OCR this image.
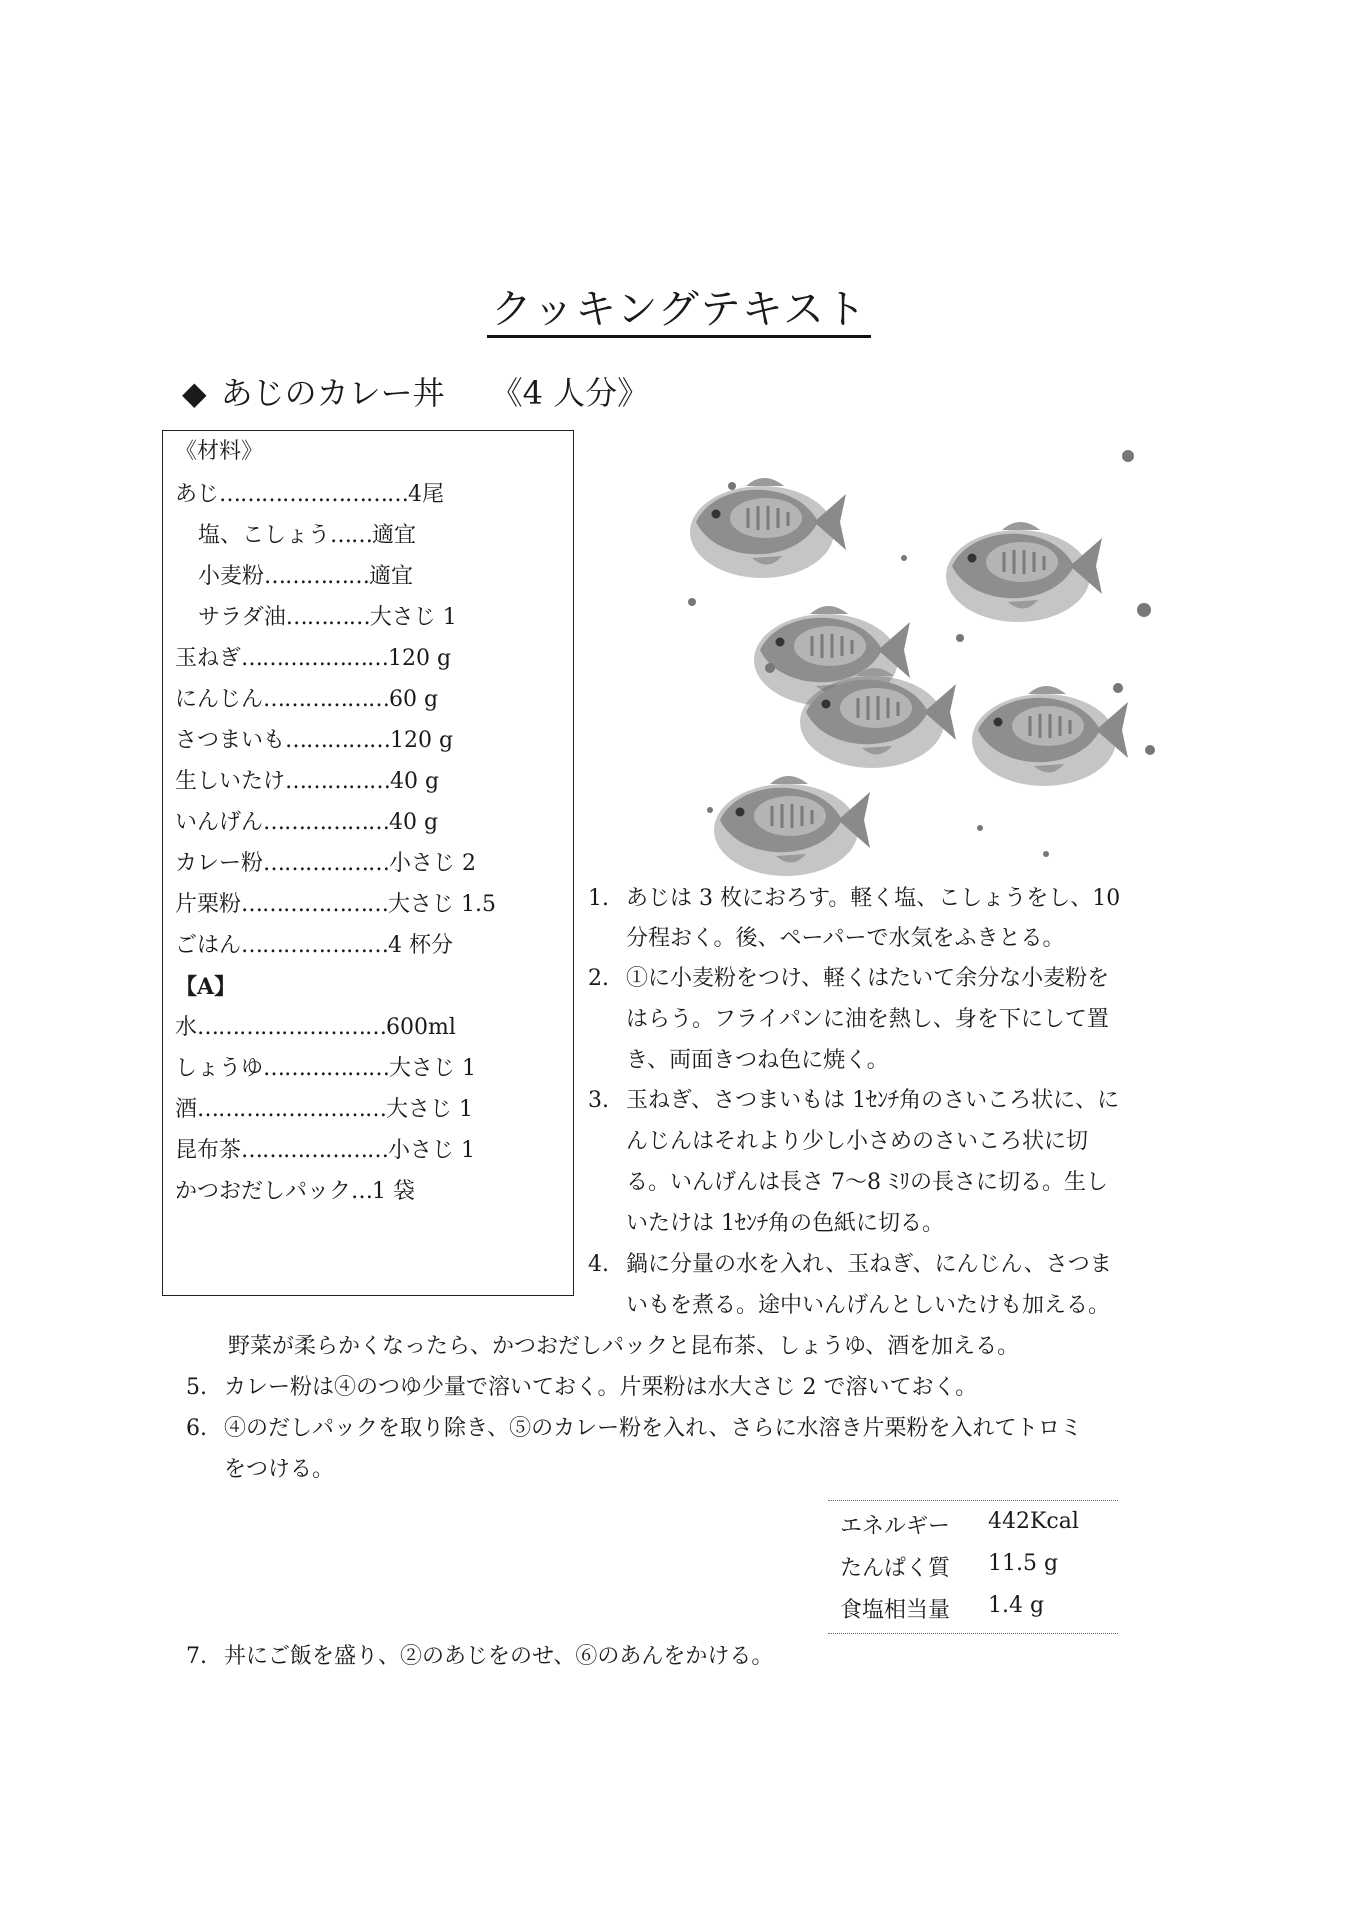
クッキングテキスト
◆ あじのカレー丼 《4 人分》
《材料》
あじ………………………4尾
塩、こしょう……適宜
小麦粉……………適宜
サラダ油…………大さじ 1
玉ねぎ…………………120 g
にんじん………………60 g
さつまいも……………120 g
生しいたけ……………40 g
いんげん………………40 g
カレー粉………………小さじ 2
片栗粉…………………大さじ 1.5
ごはん…………………4 杯分
【A】
水………………………600ml
しょうゆ………………大さじ 1
酒………………………大さじ 1
昆布茶…………………小さじ 1
かつおだしパック…1 袋
1. あじは 3 枚におろす。軽く塩、こしょうをし、10
分程おく。後、ペーパーで水気をふきとる。
2. ①に小麦粉をつけ、軽くはたいて余分な小麦粉を
はらう。フライパンに油を熱し、身を下にして置
き、両面きつね色に焼く。
3. 玉ねぎ、さつまいもは 1ｾﾝﾁ角のさいころ状に、に
んじんはそれより少し小さめのさいころ状に切
る。いんげんは長さ 7〜8 ﾐﾘの長さに切る。生し
いたけは 1ｾﾝﾁ角の色紙に切る。
4. 鍋に分量の水を入れ、玉ねぎ、にんじん、さつま
いもを煮る。途中いんげんとしいたけも加える。
野菜が柔らかくなったら、かつおだしパックと昆布茶、しょうゆ、酒を加える。
5. カレー粉は④のつゆ少量で溶いておく。片栗粉は水大さじ 2 で溶いておく。
6. ④のだしパックを取り除き、⑤のカレー粉を入れ、さらに水溶き片栗粉を入れてトロミ
をつける。
エネルギー 442Kcal
たんぱく質 11.5 g
食塩相当量 1.4 g
7. 丼にご飯を盛り、②のあじをのせ、⑥のあんをかける。
